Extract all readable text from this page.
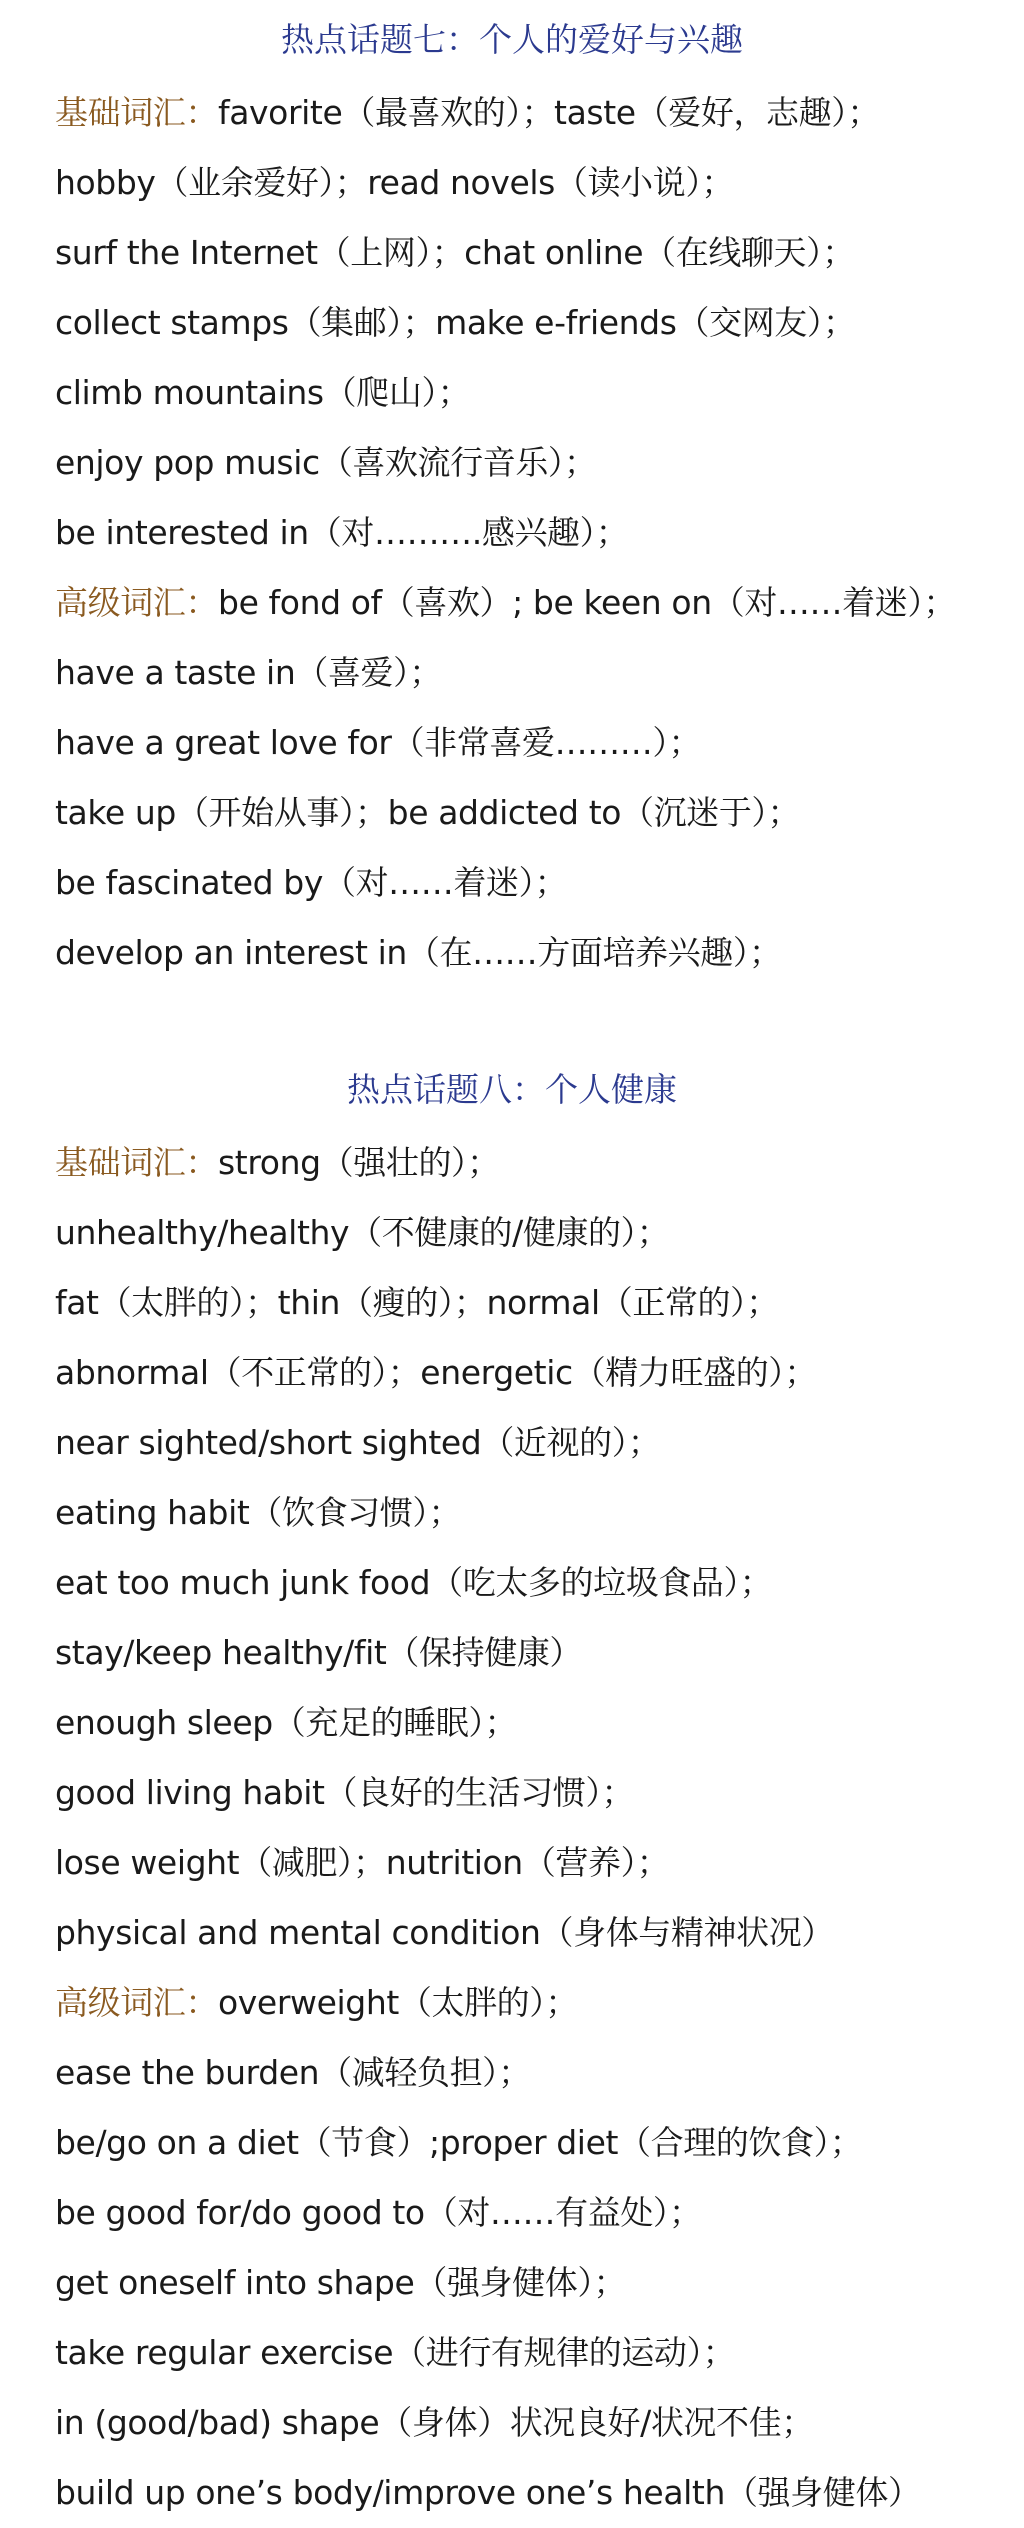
热点话题七：个人的爱好与兴趣
基础词汇：favorite（最喜欢的）；taste（爱好，志趣）；
hobby（业余爱好）；read novels（读小说）；
surf the Internet（上网）；chat online（在线聊天）；
collect stamps（集邮）；make e-friends（交网友）；
climb mountains（爬山）；
enjoy pop music（喜欢流行音乐）；
be interested in（对……….感兴趣）；
高级词汇：be fond of（喜欢）; be keen on（对……着迷）；
have a taste in（喜爱）；
have a great love for（非常喜爱………）；
take up（开始从事）；be addicted to（沉迷于）；
be fascinated by（对……着迷）；
develop an interest in（在……方面培养兴趣）；
热点话题八：个人健康
基础词汇：strong（强壮的）；
unhealthy/healthy（不健康的/健康的）；
fat（太胖的）；thin（瘦的）；normal（正常的）；
abnormal（不正常的）；energetic（精力旺盛的）；
near sighted/short sighted（近视的）；
eating habit（饮食习惯）；
eat too much junk food（吃太多的垃圾食品）；
stay/keep healthy/fit（保持健康）
enough sleep（充足的睡眠）；
good living habit（良好的生活习惯）；
lose weight（减肥）；nutrition（营养）；
physical and mental condition（身体与精神状况）
高级词汇：overweight（太胖的）；
ease the burden（减轻负担）；
be/go on a diet（节食）;proper diet（合理的饮食）；
be good for/do good to（对……有益处）；
get oneself into shape（强身健体）；
take regular exercise（进行有规律的运动）；
in (good/bad) shape（身体）状况良好/状况不佳；
build up one’s body/improve one’s health（强身健体）
